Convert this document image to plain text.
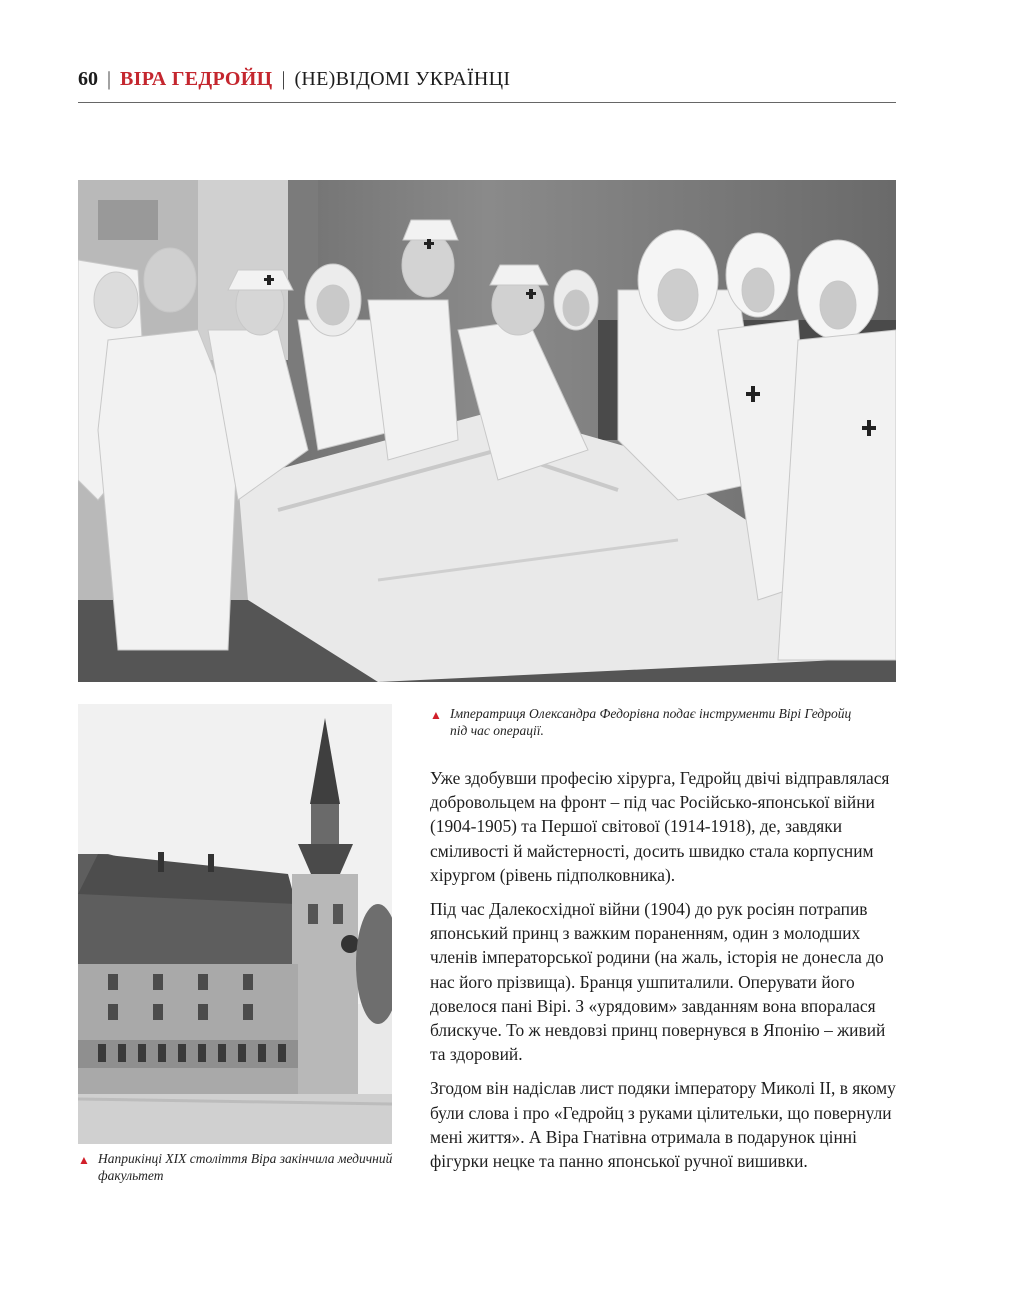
60 | ВІРА ГЕДРОЙЦ | (НЕ)ВІДОМІ УКРАЇНЦІ
▲ Імператриця Олександра Федорівна подає інструменти Вірі Гедройц під час операції.
▲ Наприкінці XIX століття Віра закінчила медичний факультет

Уже здобувши професію хірурга, Гедройц двічі відправлялася добровольцем на фронт – під час Російсько-японської війни (1904-1905) та Першої світової (1914-1918), де, завдяки сміливості й майстерності, досить швидко стала корпусним хірургом (рівень підполковника).

Під час Далекосхідної війни (1904) до рук росіян потрапив японський принц з важким пораненням, один з молодших членів імператорської родини (на жаль, історія не донесла до нас його прізвища). Бранця ушпиталили. Оперувати його довелося пані Вірі. З «урядовим» завданням вона впоралася блискуче. То ж невдовзі принц повернувся в Японію – живий та здоровий.

Згодом він надіслав лист подяки імператору Миколі ІІ, в якому були слова і про «Гедройц з руками цілительки, що повернули мені життя». А Віра Гнатівна отримала в подарунок цінні фігурки нецке та панно японської ручної вишивки.
